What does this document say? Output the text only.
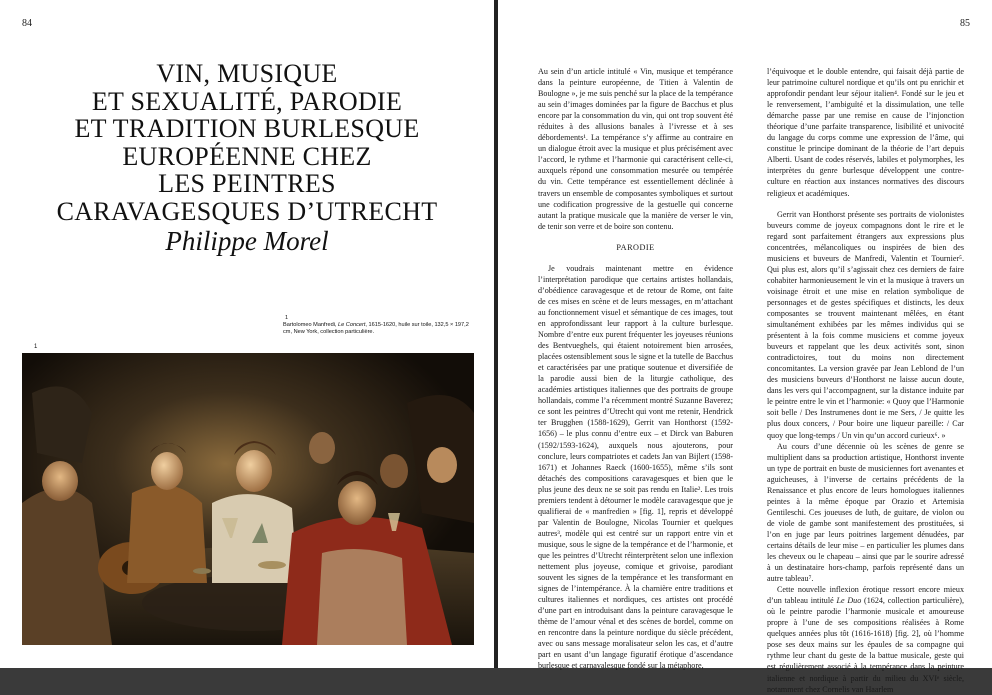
84
VIN, MUSIQUE
ET SEXUALITÉ, PARODIE
ET TRADITION BURLESQUE
EUROPÉENNE CHEZ
LES PEINTRES
CARAVAGESQUES D’UTRECHT
Philippe Morel
1
Bartolomeo Manfredi, Le Concert, 1615-1620, huile sur toile, 132,5 × 197,2 cm, New York, collection particulière.
1
85

Au sein d’un article intitulé « Vin, musique et tempérance dans la peinture européenne, de Titien à Valentin de Boulogne », je me suis penché sur la place de la tempérance au sein d’images dominées par la figure de Bacchus et plus encore par la consommation du vin, qui ont trop souvent été réduites à des allusions banales à l’ivresse et à ses débordements¹. La tempérance s’y affirme au contraire en un dialogue étroit avec la musique et plus précisément avec l’accord, le rythme et l’harmonie qui caractérisent celle-ci, auxquels répond une consommation mesurée ou tempérée du vin. Cette tempérance est essentiellement déclinée à travers un ensemble de composantes symboliques et surtout une codification progressive de la gestuelle qui concerne autant la pratique musicale que la manière de verser le vin, de tenir son verre et de boire son contenu.

PARODIE

Je voudrais maintenant mettre en évidence l’interprétation parodique que certains artistes hollandais, d’obédience caravagesque et de retour de Rome, ont faite de ces mises en scène et de leurs messages, en m’attachant au fonctionnement visuel et sémantique de ces images, tout en approfondissant leur rapport à la culture burlesque. Nombre d’entre eux purent fréquenter les joyeuses réunions des Bentvueghels, qui étaient notoirement bien arrosées, placées ostensiblement sous le signe et la tutelle de Bacchus et caractérisées par une pratique soutenue et diversifiée de la parodie aussi bien de la liturgie catholique, des académies artistiques italiennes que des portraits de groupe hollandais, comme l’a récemment montré Suzanne Baverez; ce sont les peintres d’Utrecht qui vont me retenir, Hendrick ter Brugghen (1588-1629), Gerrit van Honthorst (1592-1656) – le plus connu d’entre eux – et Dirck van Baburen (1592/1593-1624), auxquels nous ajouterons, pour conclure, leurs compatriotes et cadets Jan van Bijlert (1598-1671) et Johannes Raeck (1600-1655), même s’ils sont détachés des compositions caravagesques et bien que le plus jeune des deux ne se soit pas rendu en Italie². Les trois premiers tendent à détourner le modèle caravagesque que je qualifierai de « manfredien » [fig. 1], repris et développé par Valentin de Boulogne, Nicolas Tournier et quelques autres³, modèle qui est centré sur un rapport entre vin et musique, sous le signe de la tempérance et de l’harmonie, et que les peintres d’Utrecht réinterprètent selon une inflexion nettement plus joyeuse, comique et grivoise, parodiant souvent les signes de la tempérance et les transformant en signes de l’intempérance. À la charnière entre traditions et cultures italiennes et nordiques, ces artistes ont procédé d’une part en introduisant dans la peinture caravagesque le thème de l’amour vénal et des scènes de bordel, comme on en rencontre dans la peinture nordique du siècle précédent, avec ou sans message moralisateur selon les cas, et d’autre part en usant d’un langage figuratif érotique d’ascendance burlesque et carnavalesque fondé sur la métaphore,

l’équivoque et le double entendre, qui faisait déjà partie de leur patrimoine culturel nordique et qu’ils ont pu enrichir et approfondir pendant leur séjour italien⁴. Fondé sur le jeu et le renversement, l’ambiguïté et la dissimulation, une telle démarche passe par une remise en cause de l’injonction théorique d’une parfaite transparence, lisibilité et univocité du langage du corps comme une expression de l’âme, qui constitue le principe dominant de la théorie de l’art depuis Alberti. Usant de codes réservés, labiles et polymorphes, les interprètes du genre burlesque développent une contre-culture en réaction aux instances normatives des discours religieux et académiques.

Gerrit van Honthorst présente ses portraits de violonistes buveurs comme de joyeux compagnons dont le rire et le regard sont parfaitement étrangers aux expressions plus concentrées, mélancoliques ou inspirées de bien des musiciens et buveurs de Manfredi, Valentin et Tournier⁵. Qui plus est, alors qu’il s’agissait chez ces derniers de faire cohabiter harmonieusement le vin et la musique à travers un voisinage étroit et une mise en relation symbolique de personnages et de gestes spécifiques et distincts, les deux composantes se trouvent maintenant mêlées, en étant simultanément exhibées par les mêmes individus qui se présentent à la fois comme musiciens et comme joyeux buveurs et rappelant que les deux activités sont, sinon contradictoires, tout du moins non directement concomitantes. La version gravée par Jean Leblond de l’un des musiciens buveurs d’Honthorst ne laisse aucun doute, dans les vers qui l’accompagnent, sur la distance induite par le peintre entre le vin et l’harmonie: « Quoy que l’Harmonie soit belle / Des Instrumenes dont ie me Sers, / Je quitte les plus doux concers, / Pour boire une liqueur pareille: / Car quoy que long-temps / Un vin qu’un accord curieux⁶. »

Au cours d’une décennie où les scènes de genre se multiplient dans sa production artistique, Honthorst invente un type de portrait en buste de musiciennes fort avenantes et aguicheuses, à l’inverse de certains précédents de la Renaissance et plus encore de leurs homologues italiennes peintes à la même époque par Orazio et Artemisia Gentileschi. Ces joueuses de luth, de guitare, de violon ou de viole de gambe sont manifestement des prostituées, si l’on en juge par leurs poitrines largement dénudées, par certains détails de leur mise – en particulier les plumes dans les cheveux ou le chapeau – ainsi que par le sourire adressé à un destinataire hors-champ, parfois représenté dans un autre tableau⁷.

Cette nouvelle inflexion érotique ressort encore mieux d’un tableau intitulé Le Duo (1624, collection particulière), où le peintre parodie l’harmonie musicale et amoureuse propre à l’une de ses compositions réalisées à Rome quelques années plus tôt (1616-1618) [fig. 2], où l’homme pose ses deux mains sur les épaules de sa compagne qui rythme leur chant du geste de la battue musicale, geste qui est régulièrement associé à la tempérance dans la peinture italienne et nordique à partir du milieu du XVIᵉ siècle, notamment chez Cornelis van Haarlem
